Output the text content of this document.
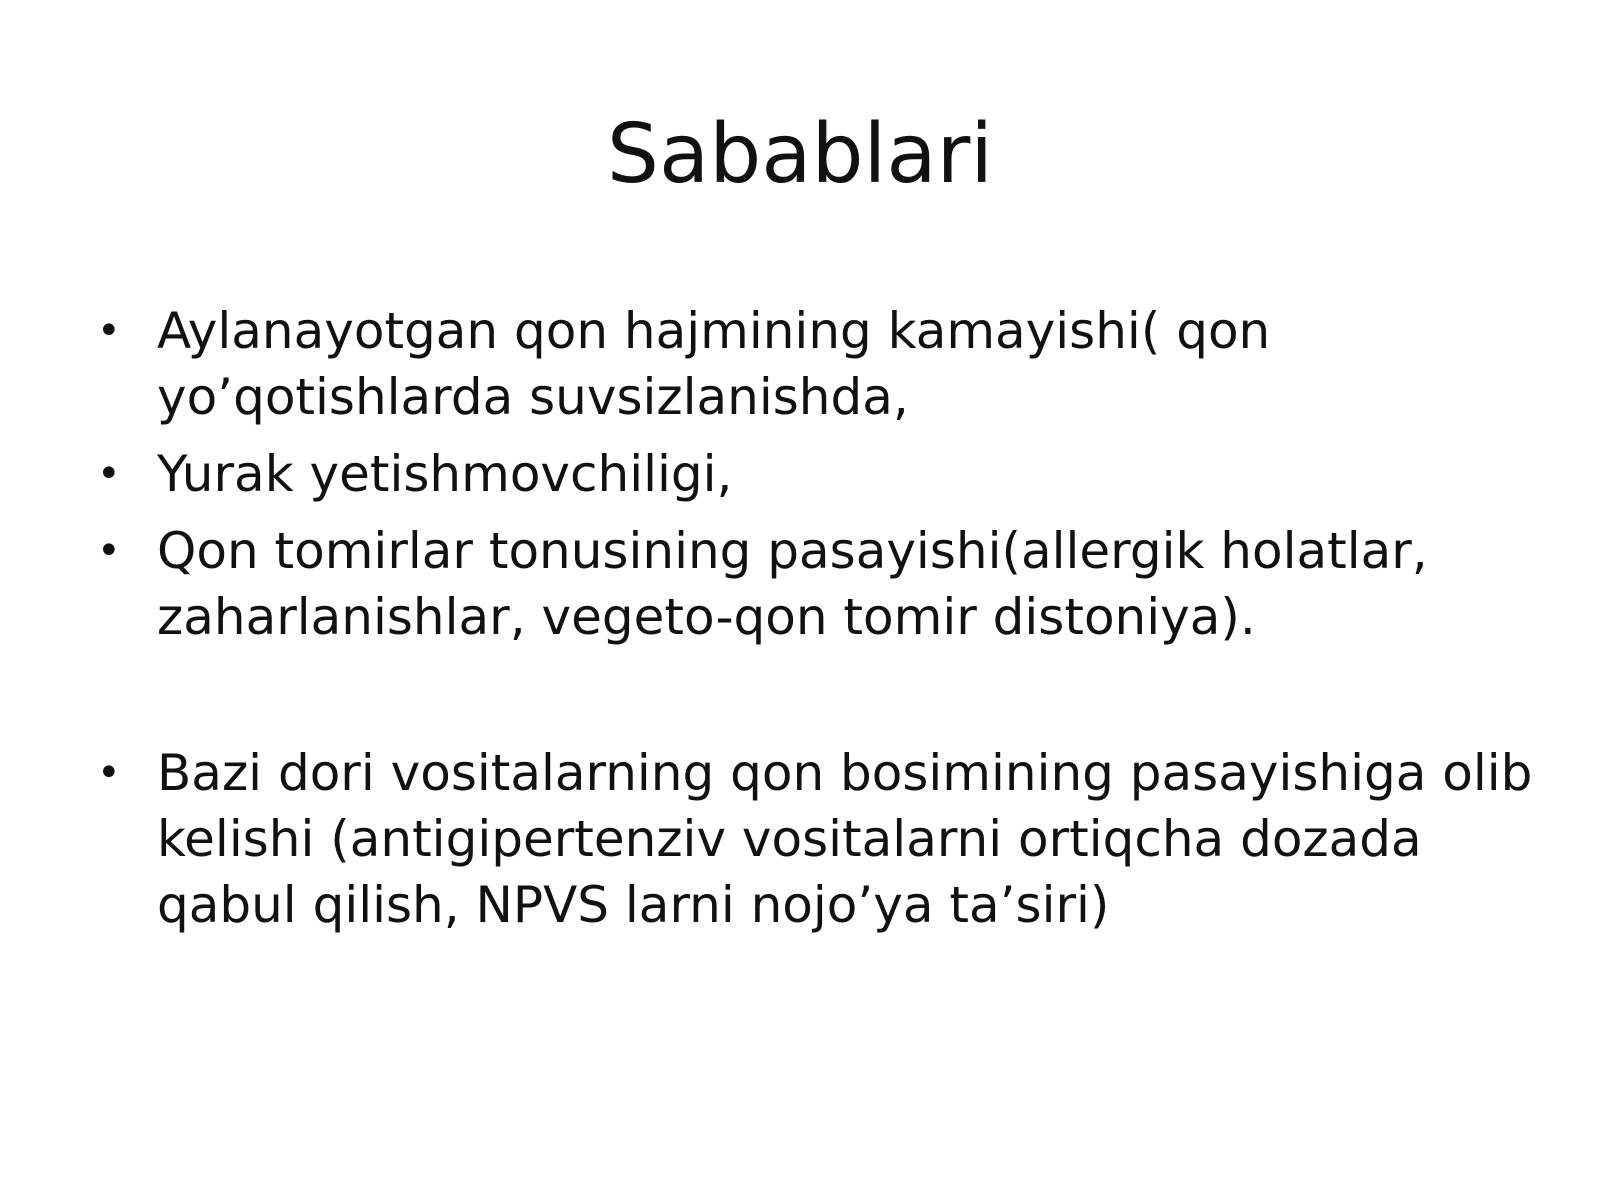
Sabablari
• Aylanayotgan qon hajmining kamayishi( qon yo’qotishlarda suvsizlanishda,
• Yurak yetishmovchiligi,
• Qon tomirlar tonusining pasayishi(allergik holatlar, zaharlanishlar, vegeto-qon tomir distoniya).
• Bazi dori vositalarning qon bosimining pasayishiga olib kelishi (antigipertenziv vositalarni ortiqcha dozada qabul qilish, NPVS larni nojo’ya ta’siri)
